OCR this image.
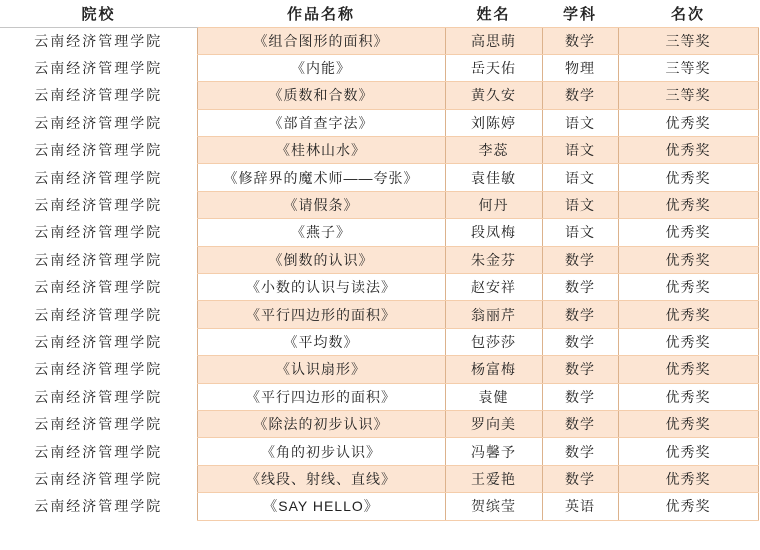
院校	作品名称	姓名	学科	名次
云南经济管理学院	《组合图形的面积》	高思萌	数学	三等奖
云南经济管理学院	《内能》	岳天佑	物理	三等奖
云南经济管理学院	《质数和合数》	黄久安	数学	三等奖
云南经济管理学院	《部首查字法》	刘陈婷	语文	优秀奖
云南经济管理学院	《桂林山水》	李蕊	语文	优秀奖
云南经济管理学院	《修辞界的魔术师——夸张》	袁佳敏	语文	优秀奖
云南经济管理学院	《请假条》	何丹	语文	优秀奖
云南经济管理学院	《燕子》	段凤梅	语文	优秀奖
云南经济管理学院	《倒数的认识》	朱金芬	数学	优秀奖
云南经济管理学院	《小数的认识与读法》	赵安祥	数学	优秀奖
云南经济管理学院	《平行四边形的面积》	翁丽芹	数学	优秀奖
云南经济管理学院	《平均数》	包莎莎	数学	优秀奖
云南经济管理学院	《认识扇形》	杨富梅	数学	优秀奖
云南经济管理学院	《平行四边形的面积》	袁健	数学	优秀奖
云南经济管理学院	《除法的初步认识》	罗向美	数学	优秀奖
云南经济管理学院	《角的初步认识》	冯馨予	数学	优秀奖
云南经济管理学院	《线段、射线、直线》	王爱艳	数学	优秀奖
云南经济管理学院	《SAY HELLO》	贺缤莹	英语	优秀奖
